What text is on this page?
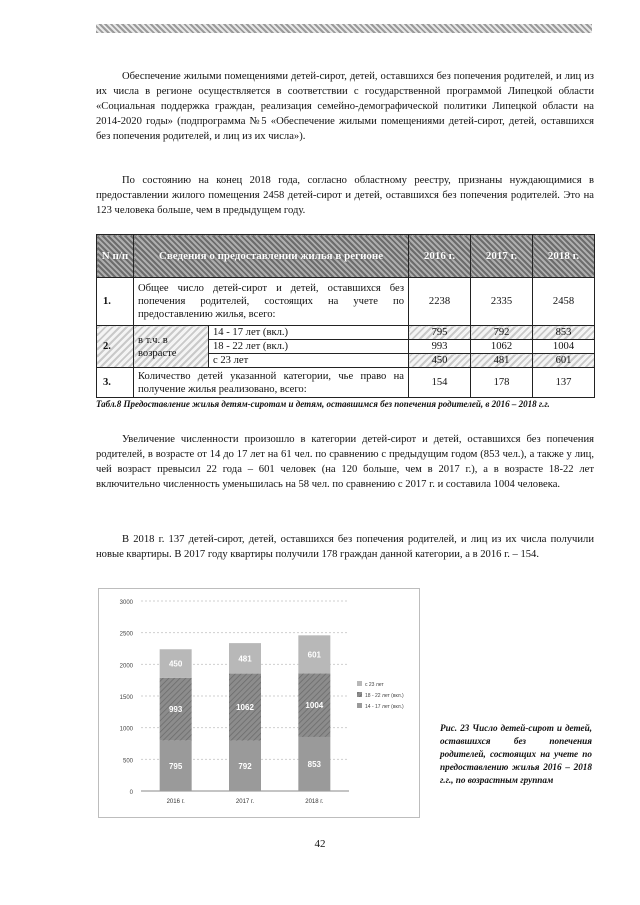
Обеспечение жилыми помещениями детей-сирот, детей, оставшихся без попечения родителей, и лиц из их числа в регионе осуществляется в соответствии с государственной программой Липецкой области «Социальная поддержка граждан, реализация семейно-демографической политики Липецкой области на 2014-2020 годы» (подпрограмма №5 «Обеспечение жилыми помещениями детей-сирот, детей, оставшихся без попечения родителей, и лиц из их числа»).

По состоянию на конец 2018 года, согласно областному реестру, признаны нуждающимися в предоставлении жилого помещения 2458 детей-сирот и детей, оставшихся без попечения родителей. Это на 123 человека больше, чем в предыдущем году.

N п/п	Сведения о предоставлении жилья в регионе		2016 г.	2017 г.	2018 г.
1.	Общее число детей-сирот и детей, оставшихся без попечения родителей, состоящих на учете по предоставлению жилья, всего:		2238	2335	2458
2.	в т.ч. в возрасте	14 - 17 лет (вкл.)	795	792	853
		18 - 22 лет (вкл.)	993	1062	1004
		с 23 лет	450	481	601
3.	Количество детей указанной категории, чье право на получение жилья реализовано, всего:		154	178	137
Табл.8 Предоставление жилья детям-сиротам и детям, оставшимся без попечения родителей, в 2016 – 2018 г.г.

Увеличение численности произошло в категории детей-сирот и детей, оставшихся без попечения родителей, в возрасте от 14 до 17 лет на 61 чел. по сравнению с предыдущим годом (853 чел.), а также у лиц, чей возраст превысил 22 года – 601 человек (на 120 больше, чем в 2017 г.), а в возрасте 18-22 лет включительно численность уменьшилась на 58 чел. по сравнению с 2017 г. и составила 1004 человека.

В 2018 г. 137 детей-сирот, детей, оставшихся без попечения родителей, и лиц из их числа получили новые квартиры. В 2017 году квартиры получили 178 граждан данной категории, а в 2016 г. – 154.

0
500
1000
1500
2000
2500
3000
795
993
450
2016 г.
792
1062
481
2017 г.
853
1004
601
2018 г.
с 23 лет
18 - 22 лет (вкл.)
14 - 17 лет (вкл.)
Рис. 23 Число детей-сирот и детей, оставшихся без попечения родителей, состоящих на учете по предоставлению жилья 2016 – 2018 г.г., по возрастным группам
42
